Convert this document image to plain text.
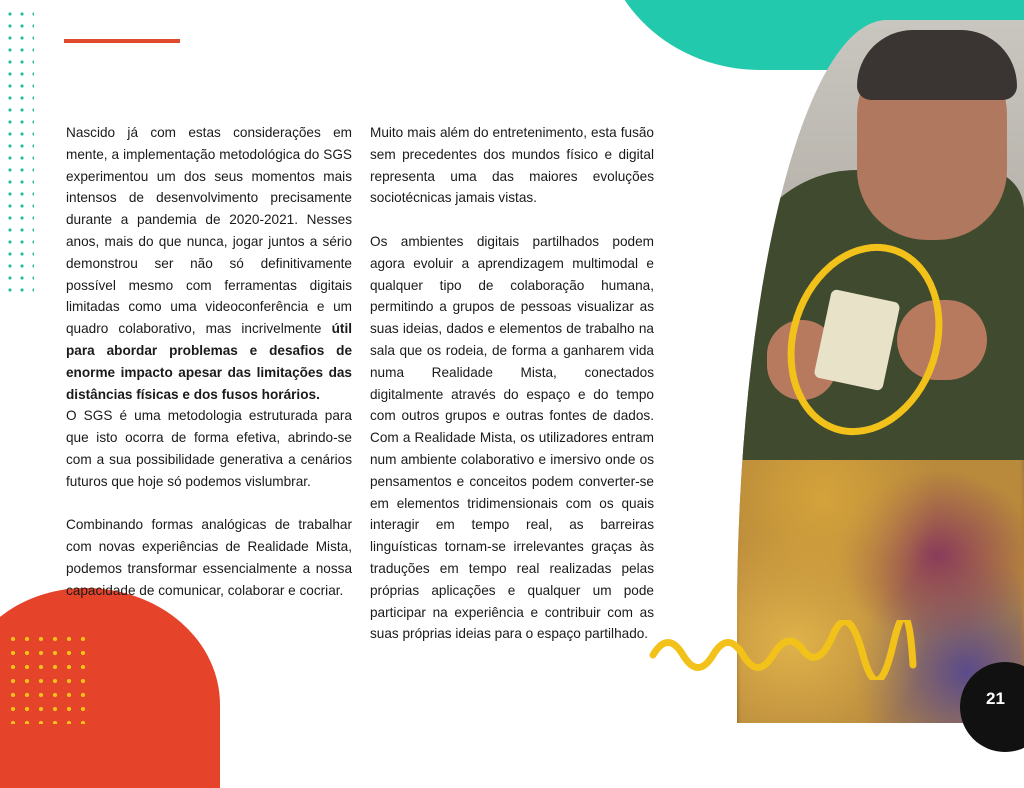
21

Nascido já com estas considerações em mente, a implementação metodológica do SGS experimentou um dos seus momentos mais intensos de desenvolvimento precisamente durante a pandemia de 2020-2021. Nesses anos, mais do que nunca, jogar juntos a sério demonstrou ser não só definitivamente possível mesmo com ferramentas digitais limitadas como uma videoconferência e um quadro colaborativo, mas incrivelmente útil para abordar problemas e desafios de enorme impacto apesar das limitações das distâncias físicas e dos fusos horários.

O SGS é uma metodologia estruturada para que isto ocorra de forma efetiva, abrindo-se com a sua possibilidade generativa a cenários futuros que hoje só podemos vislumbrar.

Combinando formas analógicas de trabalhar com novas experiências de Realidade Mista, podemos transformar essencialmente a nossa capacidade de comunicar, colaborar e cocriar.

Muito mais além do entretenimento, esta fusão sem precedentes dos mundos físico e digital representa uma das maiores evoluções sociotécnicas jamais vistas.

Os ambientes digitais partilhados podem agora evoluir a aprendizagem multimodal e qualquer tipo de colaboração humana, permitindo a grupos de pessoas visualizar as suas ideias, dados e elementos de trabalho na sala que os rodeia, de forma a ganharem vida numa Realidade Mista, conectados digitalmente através do espaço e do tempo com outros grupos e outras fontes de dados. Com a Realidade Mista, os utilizadores entram num ambiente colaborativo e imersivo onde os pensamentos e conceitos podem converter-se em elementos tridimensionais com os quais interagir em tempo real, as barreiras linguísticas tornam-se irrelevantes graças às traduções em tempo real realizadas pelas próprias aplicações e qualquer um pode participar na experiência e contribuir com as suas próprias ideias para o espaço partilhado.
